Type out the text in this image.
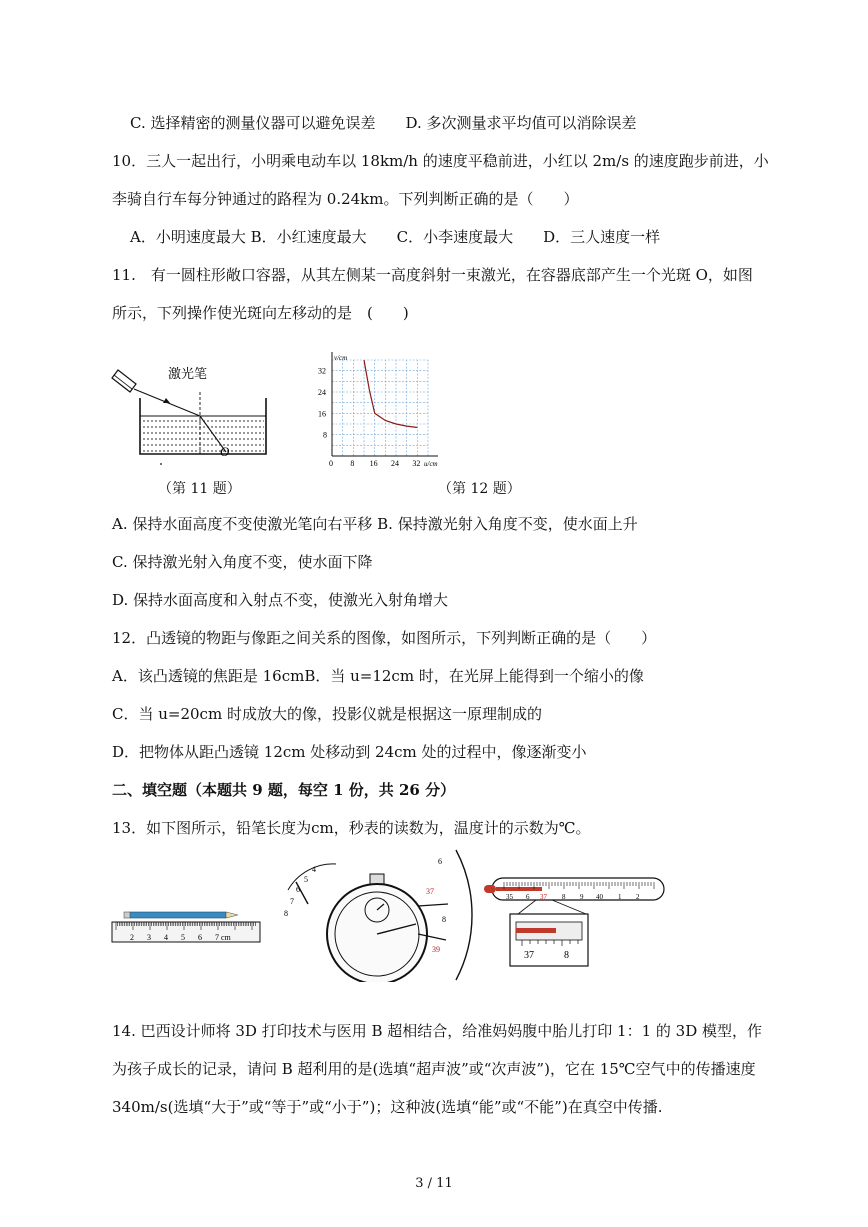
C. 选择精密的测量仪器可以避免误差　　D. 多次测量求平均值可以消除误差
10．三人一起出行，小明乘电动车以 18km/h 的速度平稳前进，小红以 2m/s 的速度跑步前进，小
李骑自行车每分钟通过的路程为 0.24km。下列判断正确的是（　　）
A．小明速度最大 B．小红速度最大　　C．小李速度最大　　D．三人速度一样
11.　有一圆柱形敞口容器，从其左侧某一高度斜射一束激光，在容器底部产生一个光斑 O，如图
所示，下列操作使光斑向左移动的是　(　　)
激光笔
O
0 8 16 24 32
8
16
24
32
u/cm
v/cm
（第 11 题）	（第 12 题）
A. 保持水面高度不变使激光笔向右平移 B. 保持激光射入角度不变，使水面上升
C. 保持激光射入角度不变，使水面下降
D. 保持水面高度和入射点不变，使激光入射角增大
12．凸透镜的物距与像距之间关系的图像，如图所示，下列判断正确的是（　　）
A．该凸透镜的焦距是 16cmB．当 u=12cm 时，在光屏上能得到一个缩小的像
C．当 u=20cm 时成放大的像，投影仪就是根据这一原理制成的
D．把物体从距凸透镜 12cm 处移动到 24cm 处的过程中，像逐渐变小
二、填空题（本题共 9 题，每空 1 份，共 26 分）
13．如下图所示，铅笔长度为cm，秒表的读数为，温度计的示数为℃。
2 3 4 5 6 7 cm
4
5
6
7
8
6
37
8
39
35 6 37 8 9 40 1 2
37	8
14. 巴西设计师将 3D 打印技术与医用 B 超相结合，给准妈妈腹中胎儿打印 1：1 的 3D 模型，作
为孩子成长的记录，请问 B 超利用的是(选填“超声波”或“次声波”)，它在 15℃空气中的传播速度
340m/s(选填“大于”或“等于”或“小于”)；这种波(选填“能”或“不能”)在真空中传播.
3 / 11
